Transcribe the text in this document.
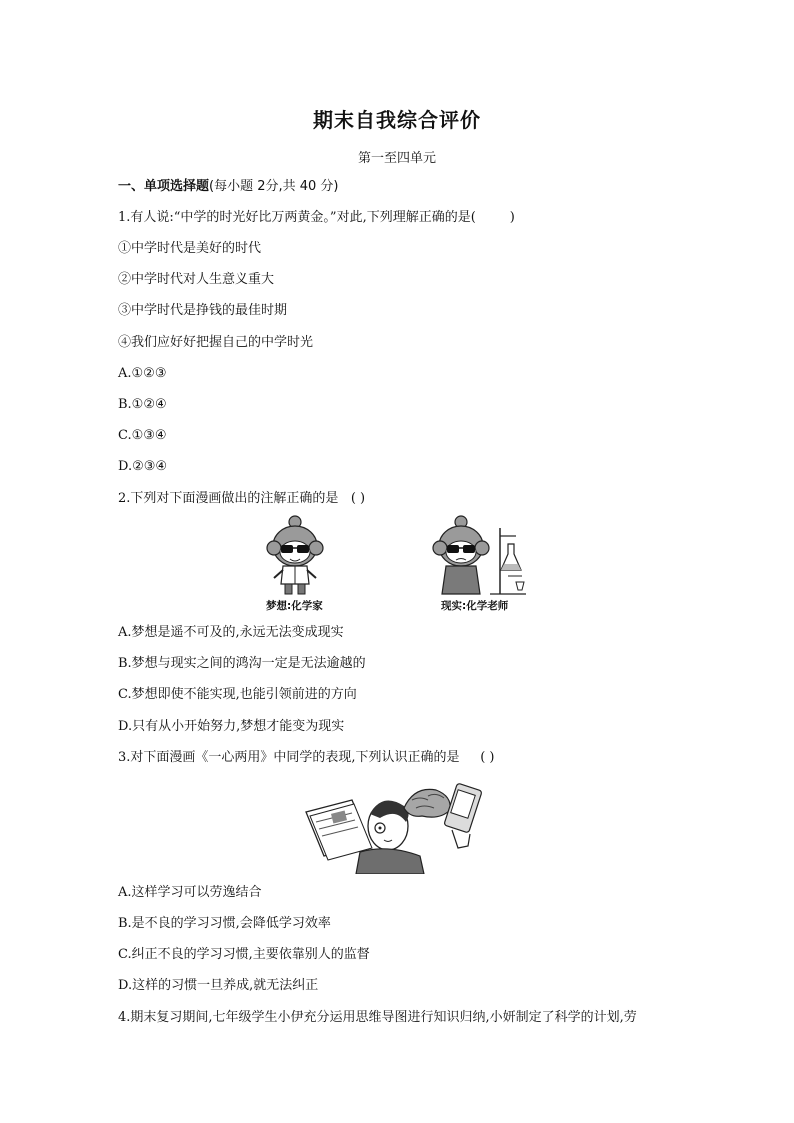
期末自我综合评价
第一至四单元
一、单项选择题(每小题 2分,共 40 分)
1.有人说:“中学的时光好比万两黄金。”对此,下列理解正确的是(	)
①中学时代是美好的时代
②中学时代对人生意义重大
③中学时代是挣钱的最佳时期
④我们应好好把握自己的中学时光
A.①②③
B.①②④
C.①③④
D.②③④
2.下列对下面漫画做出的注解正确的是 ( )
梦想:化学家	现实:化学老师
A.梦想是遥不可及的,永远无法变成现实
B.梦想与现实之间的鸿沟一定是无法逾越的
C.梦想即使不能实现,也能引领前进的方向
D.只有从小开始努力,梦想才能变为现实
3.对下面漫画《一心两用》中同学的表现,下列认识正确的是 ( )
A.这样学习可以劳逸结合
B.是不良的学习习惯,会降低学习效率
C.纠正不良的学习习惯,主要依靠别人的监督
D.这样的习惯一旦养成,就无法纠正
4.期末复习期间,七年级学生小伊充分运用思维导图进行知识归纳,小妍制定了科学的计划,劳
